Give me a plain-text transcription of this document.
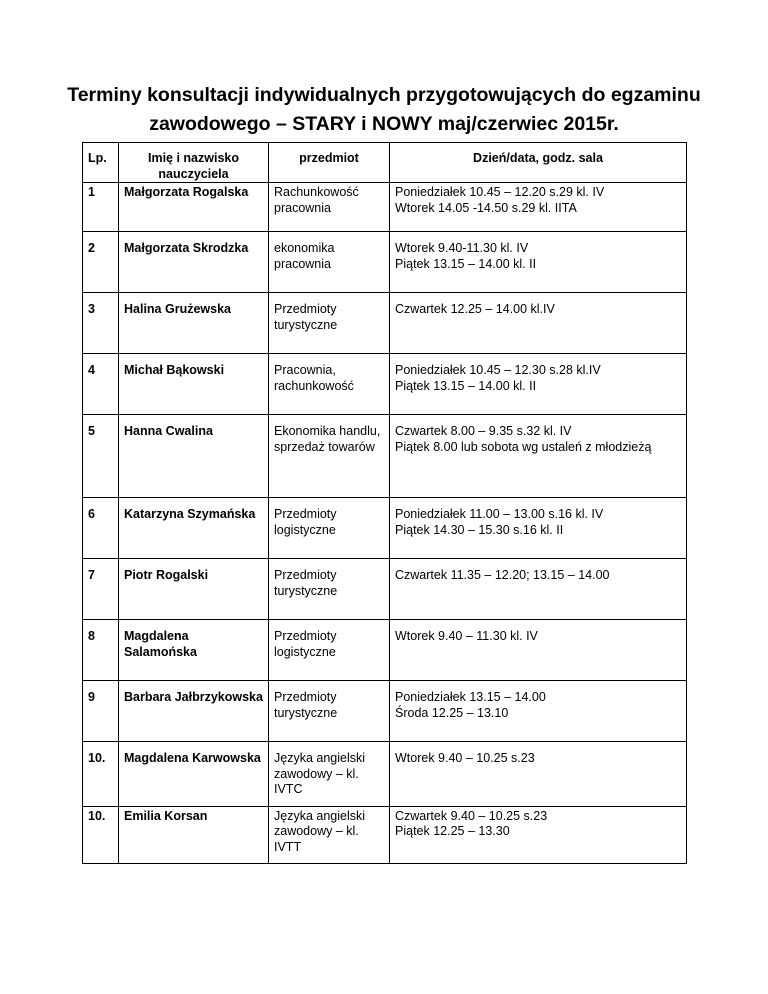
Terminy konsultacji indywidualnych przygotowujących do egzaminu
zawodowego – STARY i NOWY maj/czerwiec 2015r.
Lp.	Imię i nazwisko nauczyciela	przedmiot	Dzień/data, godz. sala
1	Małgorzata Rogalska	Rachunkowość pracownia	Poniedziałek 10.45 – 12.20 s.29 kl. IV
Wtorek 14.05 -14.50 s.29 kl. IITA

2	Małgorzata Skrodzka	ekonomika pracownia	Wtorek 9.40-11.30 kl. IV
Piątek 13.15 – 14.00 kl. II

3	Halina Grużewska	Przedmioty turystyczne	Czwartek 12.25 – 14.00 kl.IV

4	Michał Bąkowski	Pracownia, rachunkowość	Poniedziałek 10.45 – 12.30 s.28 kl.IV
Piątek 13.15 – 14.00 kl. II

5	Hanna Cwalina	Ekonomika handlu, sprzedaż towarów	Czwartek 8.00 – 9.35 s.32 kl. IV
Piątek 8.00 lub sobota wg ustaleń z młodzieżą

6	Katarzyna Szymańska	Przedmioty logistyczne	Poniedziałek 11.00 – 13.00 s.16 kl. IV
Piątek 14.30 – 15.30 s.16 kl. II

7	Piotr Rogalski	Przedmioty turystyczne	Czwartek 11.35 – 12.20; 13.15 – 14.00

8	Magdalena Salamońska	Przedmioty logistyczne	Wtorek 9.40 – 11.30 kl. IV

9	Barbara Jałbrzykowska	Przedmioty turystyczne	Poniedziałek 13.15 – 14.00
Środa 12.25 – 13.10

10.	Magdalena Karwowska	Języka angielski zawodowy – kl. IVTC	Wtorek 9.40 – 10.25 s.23

10.	Emilia Korsan	Języka angielski zawodowy – kl. IVTT	Czwartek 9.40 – 10.25 s.23
Piątek 12.25 – 13.30
